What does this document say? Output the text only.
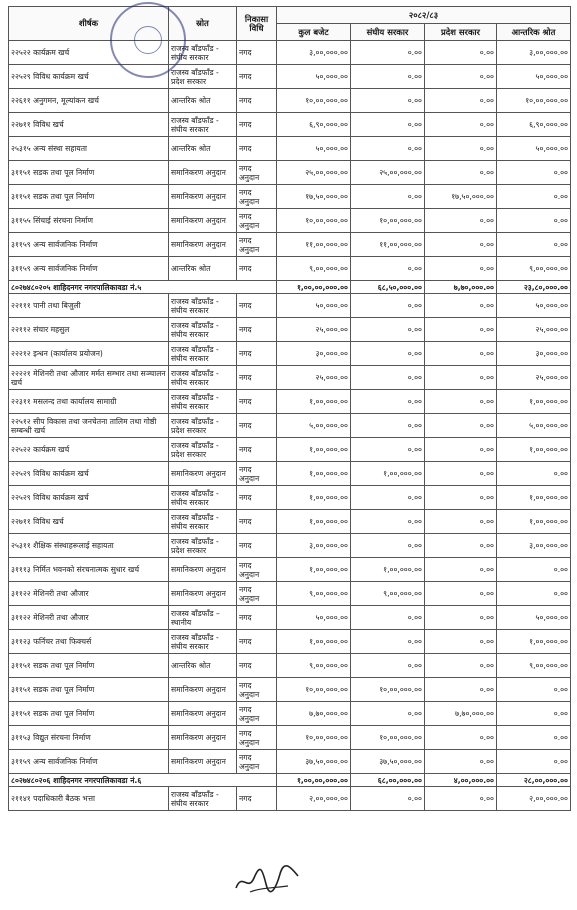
शीर्षक	स्रोत	निकासा विधि	२०८२/८३			
			कुल बजेट	संघीय सरकार	प्रदेश सरकार	आन्तरिक श्रोत
२२५२२ कार्यक्रम खर्च	राजस्व बाँडफाँड - संघीय सरकार	नगद	३,००,०००.००	०.००	०.००	३,००,०००.००
२२५२९ विविध कार्यक्रम खर्च	राजस्व बाँडफाँड - प्रदेश सरकार	नगद	५०,०००.००	०.००	०.००	५०,०००.००
२२६११ अनुगमन, मूल्यांकन खर्च	आन्तरिक श्रोत	नगद	१०,००,०००.००	०.००	०.००	१०,००,०००.००
२२७११ विविध खर्च	राजस्व बाँडफाँड - संघीय सरकार	नगद	६,९०,०००.००	०.००	०.००	६,९०,०००.००
२५३१५ अन्य संस्था सहायता	आन्तरिक श्रोत	नगद	५०,०००.००	०.००	०.००	५०,०००.००
३११५१ सडक तथा पूल निर्माण	समानिकरण अनुदान	नगद अनुदान	२५,००,०००.००	२५,००,०००.००	०.००	०.००
३११५१ सडक तथा पूल निर्माण	समानिकरण अनुदान	नगद अनुदान	१७,५०,०००.००	०.००	१७,५०,०००.००	०.००
३११५५ सिंचाई संरचना निर्माण	समानिकरण अनुदान	नगद अनुदान	१०,००,०००.००	१०,००,०००.००	०.००	०.००
३११५९ अन्य सार्वजनिक निर्माण	समानिकरण अनुदान	नगद अनुदान	११,००,०००.००	११,००,०००.००	०.००	०.००
३११५९ अन्य सार्वजनिक निर्माण	आन्तरिक श्रोत	नगद	९,००,०००.००	०.००	०.००	९,००,०००.००
८०२७४८०२०५ शाहिदनगर नगरपालिकावडा नं.५			१,००,००,०००.००	६८,५०,०००.००	७,७०,०००.००	२३,८०,०००.००
२२१११ पानी तथा बिजुली	राजस्व बाँडफाँड - संघीय सरकार	नगद	५०,०००.००	०.००	०.००	५०,०००.००
२२११२ संचार महसुल	राजस्व बाँडफाँड - संघीय सरकार	नगद	२५,०००.००	०.००	०.००	२५,०००.००
२२२१२ इन्धन (कार्यालय प्रयोजन)	राजस्व बाँडफाँड - संघीय सरकार	नगद	३०,०००.००	०.००	०.००	३०,०००.००
२२२२१ मेशिनरी तथा औजार मर्मत सम्भार तथा सञ्चालन खर्च	राजस्व बाँडफाँड - संघीय सरकार	नगद	२५,०००.००	०.००	०.००	२५,०००.००
२२३११ मसलन्द तथा कार्यालय सामाग्री	राजस्व बाँडफाँड - संघीय सरकार	नगद	१,००,०००.००	०.००	०.००	१,००,०००.००
२२५१२ सीप विकास तथा जनचेतना तालिम तथा गोष्ठी सम्बन्धी खर्च	राजस्व बाँडफाँड - प्रदेश सरकार	नगद	५,००,०००.००	०.००	०.००	५,००,०००.००
२२५२२ कार्यक्रम खर्च	राजस्व बाँडफाँड - प्रदेश सरकार	नगद	१,००,०००.००	०.००	०.००	१,००,०००.००
२२५२९ विविध कार्यक्रम खर्च	समानिकरण अनुदान	नगद अनुदान	१,००,०००.००	१,००,०००.००	०.००	०.००
२२५२९ विविध कार्यक्रम खर्च	राजस्व बाँडफाँड - संघीय सरकार	नगद	१,००,०००.००	०.००	०.००	१,००,०००.००
२२७११ विविध खर्च	राजस्व बाँडफाँड - संघीय सरकार	नगद	१,००,०००.००	०.००	०.००	१,००,०००.००
२५३११ शैक्षिक संस्थाहरूलाई सहायता	राजस्व बाँडफाँड - प्रदेश सरकार	नगद	३,००,०००.००	०.००	०.००	३,००,०००.००
३१११३ निर्मित भवनको संरचनात्मक सुधार खर्च	समानिकरण अनुदान	नगद अनुदान	१,००,०००.००	१,००,०००.००	०.००	०.००
३११२२ मेशिनरी तथा औजार	समानिकरण अनुदान	नगद अनुदान	९,००,०००.००	९,००,०००.००	०.००	०.००
३११२२ मेशिनरी तथा औजार	राजस्व बाँडफाँड – स्थानीय	नगद	५०,०००.००	०.००	०.००	५०,०००.००
३११२३ फर्निचर तथा फिक्चर्स	राजस्व बाँडफाँड - संघीय सरकार	नगद	१,००,०००.००	०.००	०.००	१,००,०००.००
३११५१ सडक तथा पूल निर्माण	आन्तरिक श्रोत	नगद	९,००,०००.००	०.००	०.००	९,००,०००.००
३११५१ सडक तथा पूल निर्माण	समानिकरण अनुदान	नगद अनुदान	१०,००,०००.००	१०,००,०००.००	०.००	०.००
३११५१ सडक तथा पूल निर्माण	समानिकरण अनुदान	नगद अनुदान	७,७०,०००.००	०.००	७,७०,०००.००	०.००
३११५३ विद्युत संरचना निर्माण	समानिकरण अनुदान	नगद अनुदान	१०,००,०००.००	१०,००,०००.००	०.००	०.००
३११५९ अन्य सार्वजनिक निर्माण	समानिकरण अनुदान	नगद अनुदान	३७,५०,०००.००	३७,५०,०००.००	०.००	०.००
८०२७४८०२०६ शाहिदनगर नगरपालिकावडा नं.६			१,००,००,०००.००	६८,००,०००.००	४,००,०००.००	२८,००,०००.००
२११४१ पदाधिकारी बैठक भत्ता	राजस्व बाँडफाँड - संघीय सरकार	नगद	२,००,०००.००	०.००	०.००	२,००,०००.००
